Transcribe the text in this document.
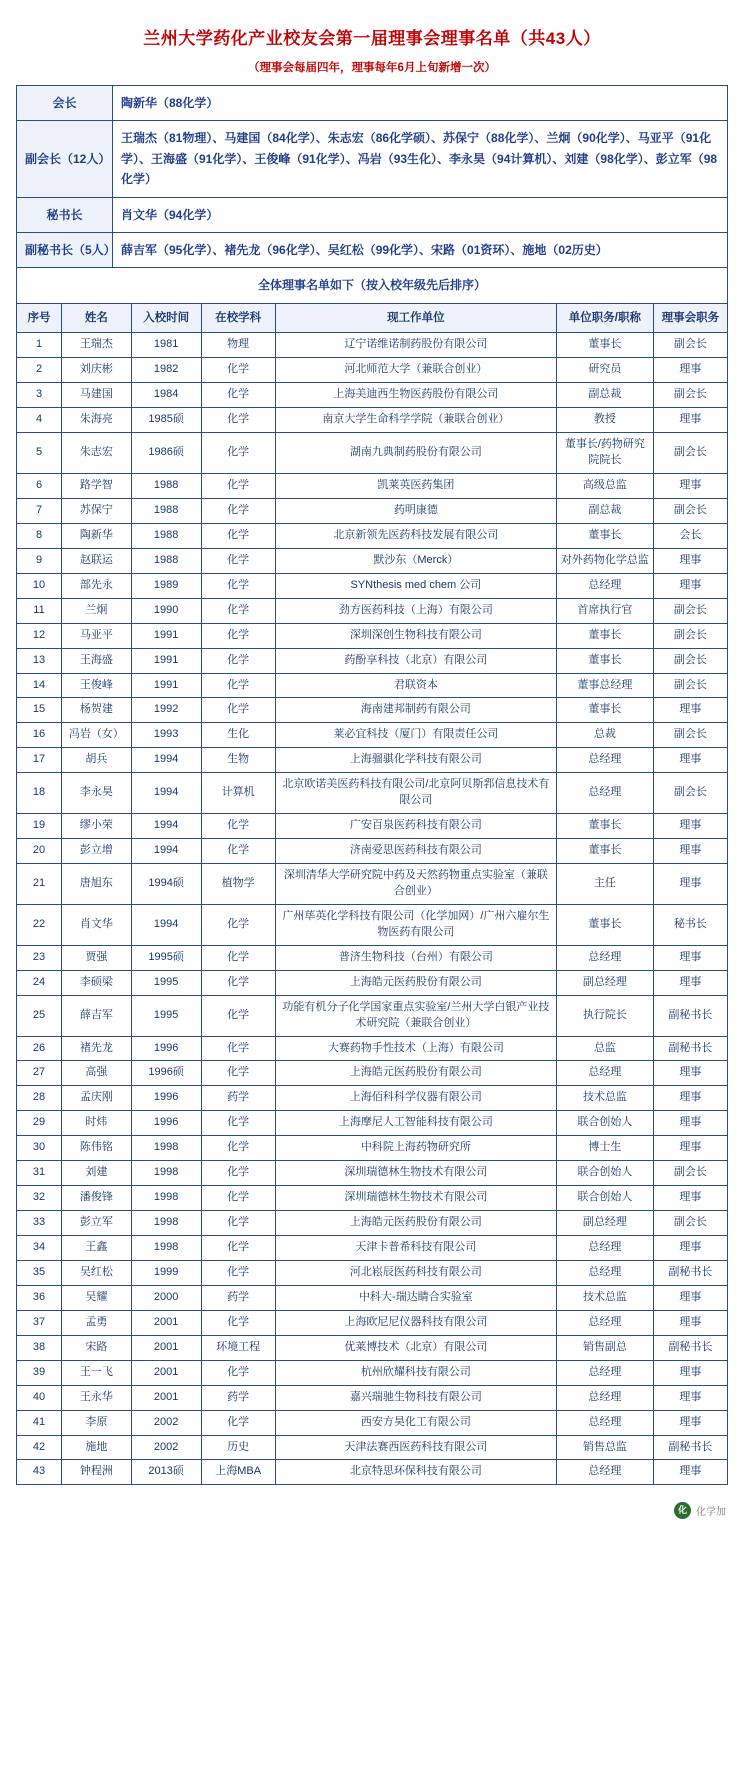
兰州大学药化产业校友会第一届理事会理事名单（共43人）
（理事会每届四年，理事每年6月上旬新增一次）
会长	陶新华（88化学）
副会长（12人）	王瑞杰（81物理）、马建国（84化学）、朱志宏（86化学硕）、苏保宁（88化学）、兰炯（90化学）、马亚平（91化学）、王海盛（91化学）、王俊峰（91化学）、冯岩（93生化）、李永昊（94计算机）、刘建（98化学）、彭立军（98化学）
秘书长	肖文华（94化学）
副秘书长（5人）	薛吉军（95化学）、褚先龙（96化学）、吴红松（99化学）、宋路（01资环）、施地（02历史）
全体理事名单如下（按入校年级先后排序）	
序号	姓名	入校时间	在校学科	现工作单位	单位职务/职称	理事会职务
1	王瑞杰	1981	物理	辽宁诺维诺制药股份有限公司	董事长	副会长
2	刘庆彬	1982	化学	河北师范大学（兼联合创业）	研究员	理事
3	马建国	1984	化学	上海美迪西生物医药股份有限公司	副总裁	副会长
4	朱海亮	1985硕	化学	南京大学生命科学学院（兼联合创业）	教授	理事
5	朱志宏	1986硕	化学	湖南九典制药股份有限公司	董事长/药物研究院院长	副会长
6	路学智	1988	化学	凯莱英医药集团	高级总监	理事
7	苏保宁	1988	化学	药明康德	副总裁	副会长
8	陶新华	1988	化学	北京新领先医药科技发展有限公司	董事长	会长
9	赵联运	1988	化学	默沙东（Merck）	对外药物化学总监	理事
10	部先永	1989	化学	SYNthesis med chem 公司	总经理	理事
11	兰炯	1990	化学	劲方医药科技（上海）有限公司	首席执行官	副会长
12	马亚平	1991	化学	深圳深创生物科技有限公司	董事长	副会长
13	王海盛	1991	化学	药酚享科技（北京）有限公司	董事长	副会长
14	王俊峰	1991	化学	君联资本	董事总经理	副会长
15	杨贺建	1992	化学	海南建邦制药有限公司	董事长	理事
16	冯岩（女）	1993	生化	莱必宜科技（厦门）有限责任公司	总裁	副会长
17	胡兵	1994	生物	上海骝骐化学科技有限公司	总经理	理事
18	李永昊	1994	计算机	北京欧诺美医药科技有限公司/北京阿贝斯郛信息技术有限公司	总经理	副会长
19	缪小荣	1994	化学	广安百泉医药科技有限公司	董事长	理事
20	彭立增	1994	化学	济南爱思医药科技有限公司	董事长	理事
21	唐旭东	1994硕	植物学	深圳清华大学研究院中药及天然药物重点实验室（兼联合创业）	主任	理事
22	肖文华	1994	化学	广州荜英化学科技有限公司（化学加网）/广州六雇尔生物医药有限公司	董事长	秘书长
23	贾强	1995硕	化学	普济生物科技（台州）有限公司	总经理	理事
24	李硕梁	1995	化学	上海皓元医药股份有限公司	副总经理	理事
25	薛吉军	1995	化学	功能有机分子化学国家重点实验室/兰州大学白银产业技术研究院（兼联合创业）	执行院长	副秘书长
26	褚先龙	1996	化学	大赛药物手性技术（上海）有限公司	总监	副秘书长
27	高强	1996硕	化学	上海皓元医药股份有限公司	总经理	理事
28	孟庆刚	1996	药学	上海佰科科学仪器有限公司	技术总监	理事
29	时炜	1996	化学	上海摩尼人工智能科技有限公司	联合创始人	理事
30	陈伟铭	1998	化学	中科院上海药物研究所	博士生	理事
31	刘建	1998	化学	深圳瑞德林生物技术有限公司	联合创始人	副会长
32	潘俊锋	1998	化学	深圳瑞德林生物技术有限公司	联合创始人	理事
33	彭立军	1998	化学	上海皓元医药股份有限公司	副总经理	副会长
34	王鑫	1998	化学	天津卡普希科技有限公司	总经理	理事
35	吴红松	1999	化学	河北崧辰医药科技有限公司	总经理	副秘书长
36	吴耀	2000	药学	中科大-瑞达睛合实验室	技术总监	理事
37	孟勇	2001	化学	上海欧尼尼仪器科技有限公司	总经理	理事
38	宋路	2001	环境工程	优莱博技术（北京）有限公司	销售副总	副秘书长
39	王一飞	2001	化学	杭州欣耀科技有限公司	总经理	理事
40	王永华	2001	药学	嘉兴瑞驰生物科技有限公司	总经理	理事
41	李原	2002	化学	西安方昊化工有限公司	总经理	理事
42	施地	2002	历史	天津法赛西医药科技有限公司	销售总监	副秘书长
43	钟程洲	2013硕	上海MBA	北京特思环保科技有限公司	总经理	理事
化 化学加
